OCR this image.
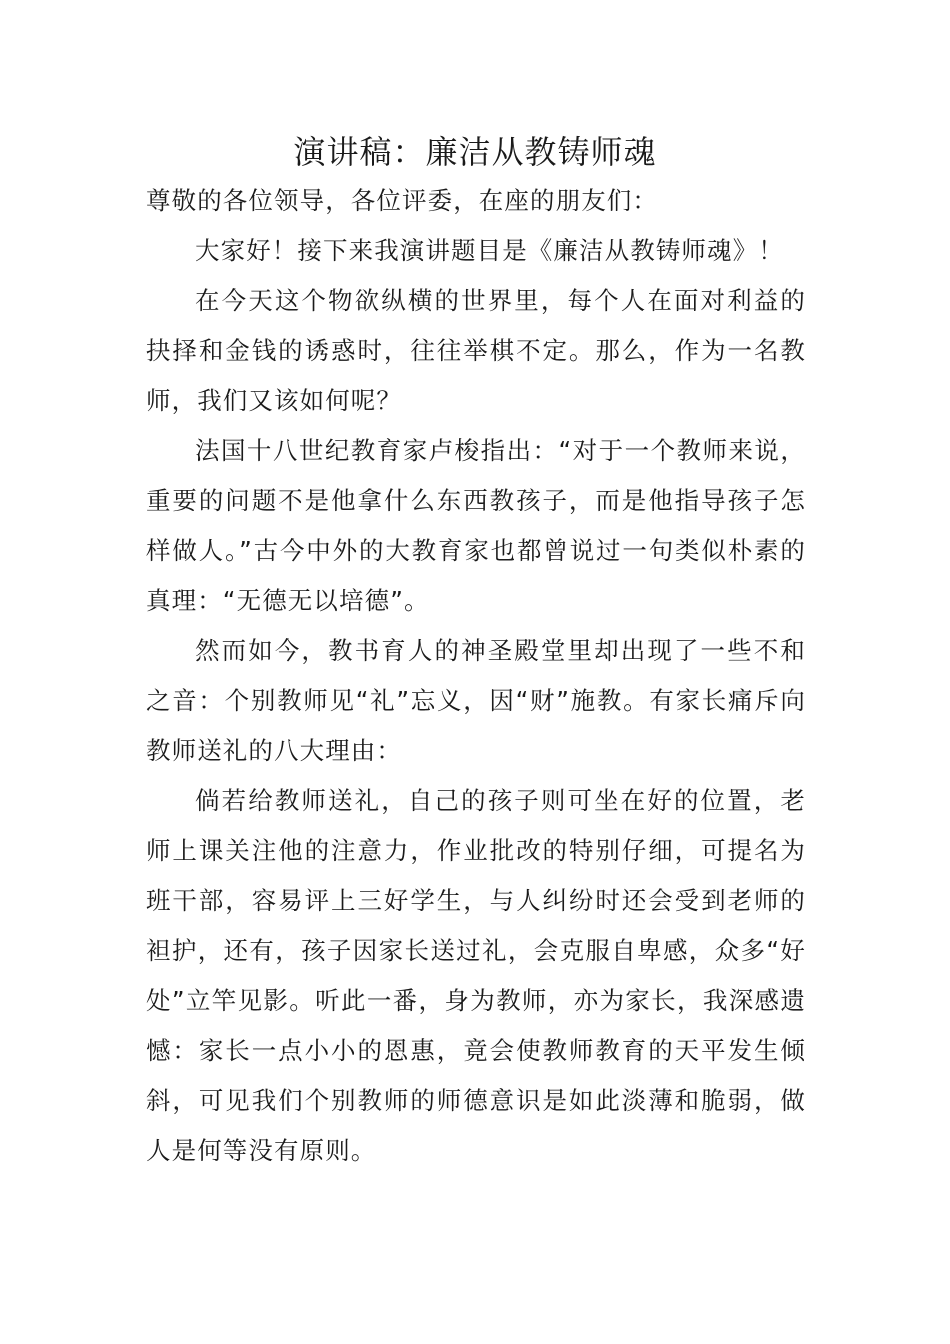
演讲稿：廉洁从教铸师魂

尊敬的各位领导，各位评委，在座的朋友们：

大家好！接下来我演讲题目是《廉洁从教铸师魂》！

在今天这个物欲纵横的世界里，每个人在面对利益的抉择和金钱的诱惑时，往往举棋不定。那么，作为一名教师，我们又该如何呢？

法国十八世纪教育家卢梭指出：“对于一个教师来说，重要的问题不是他拿什么东西教孩子，而是他指导孩子怎样做人。”古今中外的大教育家也都曾说过一句类似朴素的真理：“无德无以培德”。

然而如今，教书育人的神圣殿堂里却出现了一些不和之音：个别教师见“礼”忘义，因“财”施教。有家长痛斥向教师送礼的八大理由：

倘若给教师送礼，自己的孩子则可坐在好的位置，老师上课关注他的注意力，作业批改的特别仔细，可提名为班干部，容易评上三好学生，与人纠纷时还会受到老师的袒护，还有，孩子因家长送过礼，会克服自卑感，众多“好处”立竿见影。听此一番，身为教师，亦为家长，我深感遗憾：家长一点小小的恩惠，竟会使教师教育的天平发生倾斜，可见我们个别教师的师德意识是如此淡薄和脆弱，做人是何等没有原则。
